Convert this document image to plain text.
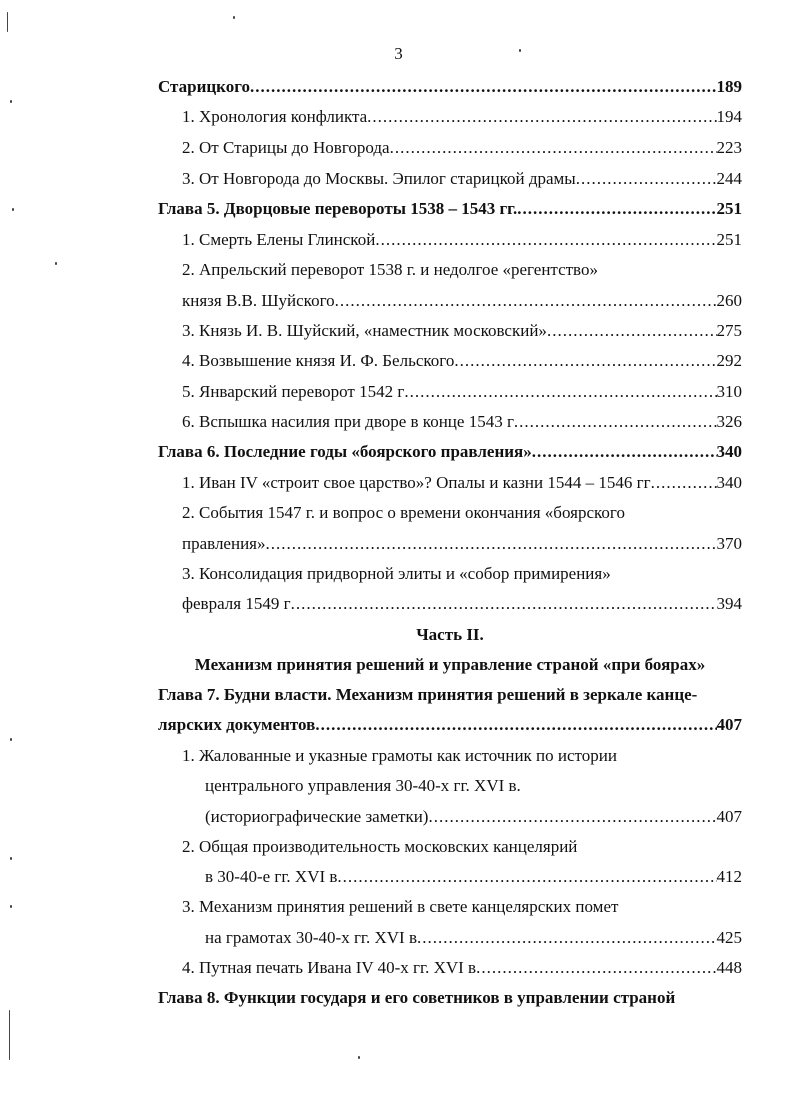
3
Старицкого .....	189
1. Хронология конфликта .....	194
2. От Старицы до Новгорода .....	223
3. От Новгорода до Москвы. Эпилог старицкой драмы .....	244
Глава 5. Дворцовые перевороты 1538 – 1543 гг. .....	251
1. Смерть Елены Глинской .....	251
2. Апрельский переворот 1538 г. и недолгое «регентство»
князя В.В. Шуйского .....	260
3. Князь И. В. Шуйский, «наместник московский» .....	275
4. Возвышение князя И. Ф. Бельского .....	292
5. Январский переворот 1542 г .....	310
6. Вспышка насилия при дворе в конце 1543 г .....	326
Глава 6. Последние годы «боярского правления» .....	340
1. Иван IV «строит свое царство»? Опалы и казни 1544 – 1546 гг .....	340
2. События 1547 г. и вопрос о времени окончания «боярского
правления» .....	370
3. Консолидация придворной элиты и «собор примирения»
февраля 1549 г .....	394
Часть II.
Механизм принятия решений и управление страной «при боярах»
Глава 7. Будни власти. Механизм принятия решений в зеркале канце-
лярских документов .....	407
1. Жалованные и указные грамоты как источник по истории
центрального управления 30-40-х гг. XVI в.
(историографические заметки) .....	407
2. Общая производительность московских канцелярий
в 30-40-е гг. XVI в .....	412
3. Механизм принятия решений в свете канцелярских помет
на грамотах 30-40-х гг. XVI в .....	425
4. Путная печать Ивана IV 40-х гг. XVI в .....	448
Глава 8. Функции государя и его советников в управлении страной
